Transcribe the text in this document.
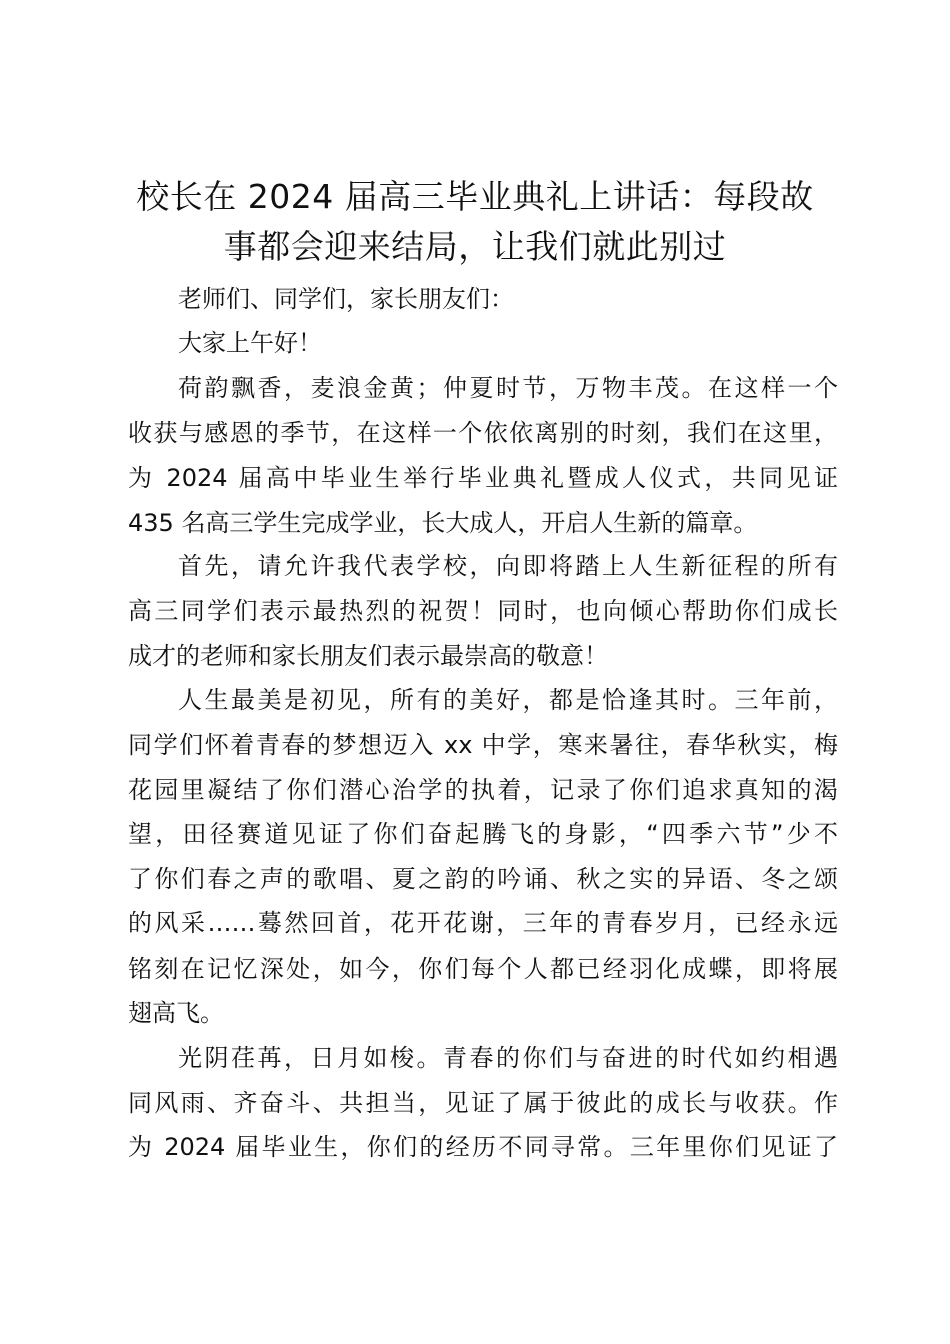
校长在 2024 届高三毕业典礼上讲话：每段故
事都会迎来结局，让我们就此别过
老师们、同学们，家长朋友们：
大家上午好！
荷韵飘香，麦浪金黄；仲夏时节，万物丰茂。在这样一个
收获与感恩的季节，在这样一个依依离别的时刻，我们在这里，
为 2024 届高中毕业生举行毕业典礼暨成人仪式，共同见证
435 名高三学生完成学业，长大成人，开启人生新的篇章。
首先，请允许我代表学校，向即将踏上人生新征程的所有
高三同学们表示最热烈的祝贺！同时，也向倾心帮助你们成长
成才的老师和家长朋友们表示最崇高的敬意！
人生最美是初见，所有的美好，都是恰逢其时。三年前，
同学们怀着青春的梦想迈入 xx 中学，寒来暑往，春华秋实，梅
花园里凝结了你们潜心治学的执着，记录了你们追求真知的渴
望，田径赛道见证了你们奋起腾飞的身影，“四季六节”少不
了你们春之声的歌唱、夏之韵的吟诵、秋之实的异语、冬之颂
的风采……蓦然回首，花开花谢，三年的青春岁月，已经永远
铭刻在记忆深处，如今，你们每个人都已经羽化成蝶，即将展
翅高飞。
光阴荏苒，日月如梭。青春的你们与奋进的时代如约相遇
同风雨、齐奋斗、共担当，见证了属于彼此的成长与收获。作
为 2024 届毕业生，你们的经历不同寻常。三年里你们见证了
